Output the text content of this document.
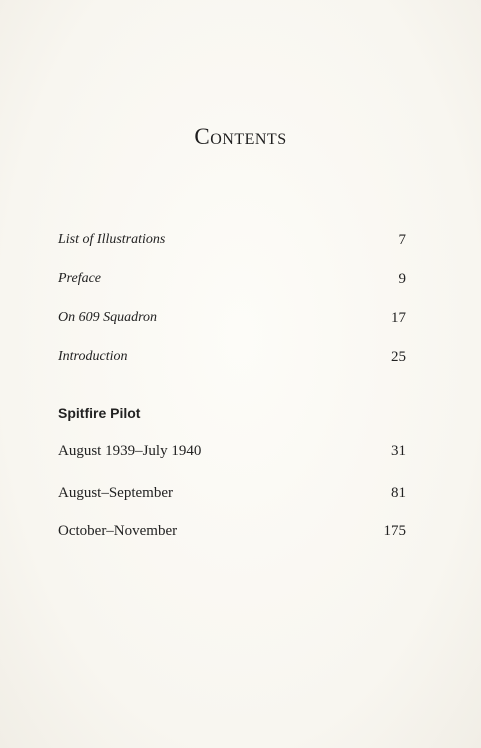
Contents
List of Illustrations	7
Preface	9
On 609 Squadron	17
Introduction	25
Spitfire Pilot
August 1939–July 1940	31
August–September	81
October–November	175
